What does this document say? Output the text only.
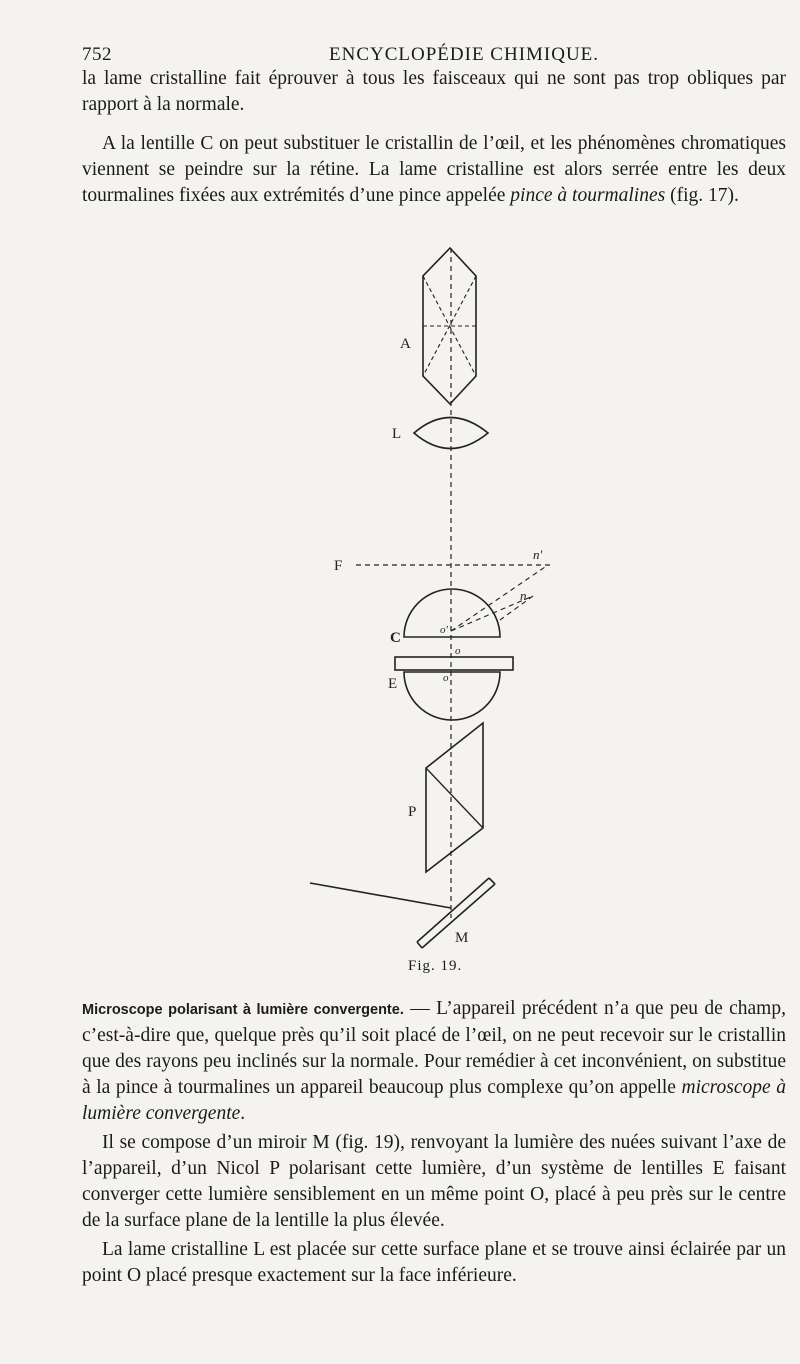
752	ENCYCLOPÉDIE CHIMIQUE.

la lame cristalline fait éprouver à tous les faisceaux qui ne sont pas trop obliques par rapport à la normale.

A la lentille C on peut substituer le cristallin de l’œil, et les phénomènes chromatiques viennent se peindre sur la rétine. La lame cristalline est alors serrée entre les deux tourmalines fixées aux extrémités d’une pince appelée pince à tourmalines (fig. 17).

A
L
F
n'
n
C	o'
o
E	o
P
M
Fig. 19.

Microscope polarisant à lumière convergente. — L’appareil précédent n’a que peu de champ, c’est-à-dire que, quelque près qu’il soit placé de l’œil, on ne peut recevoir sur le cristallin que des rayons peu inclinés sur la normale. Pour remédier à cet inconvénient, on substitue à la pince à tourmalines un appareil beaucoup plus complexe qu’on appelle microscope à lumière convergente.

Il se compose d’un miroir M (fig. 19), renvoyant la lumière des nuées suivant l’axe de l’appareil, d’un Nicol P polarisant cette lumière, d’un système de lentilles E faisant converger cette lumière sensiblement en un même point O, placé à peu près sur le centre de la surface plane de la lentille la plus élevée.

La lame cristalline L est placée sur cette surface plane et se trouve ainsi éclairée par un point O placé presque exactement sur la face inférieure.
